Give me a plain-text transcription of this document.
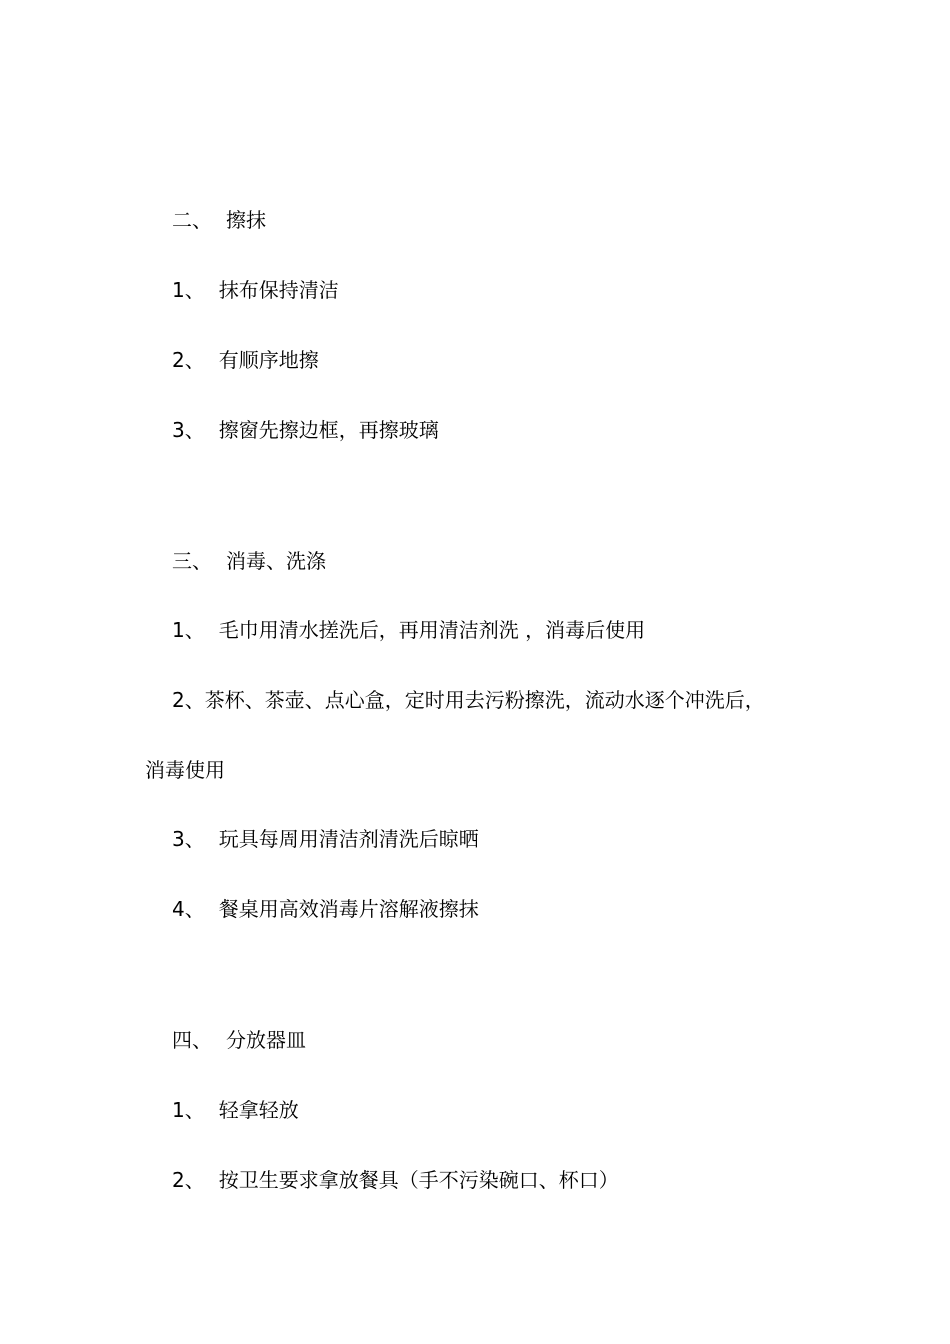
二、 擦抹
1、 抹布保持清洁
2、 有顺序地擦
3、 擦窗先擦边框，再擦玻璃
三、 消毒、洗涤
1、 毛巾用清水搓洗后，再用清洁剂洗 ，消毒后使用
2、茶杯、茶壶、点心盒，定时用去污粉擦洗，流动水逐个冲洗后，
消毒使用
3、 玩具每周用清洁剂清洗后晾晒
4、 餐桌用高效消毒片溶解液擦抹
四、 分放器皿
1、 轻拿轻放
2、 按卫生要求拿放餐具（手不污染碗口、杯口）
